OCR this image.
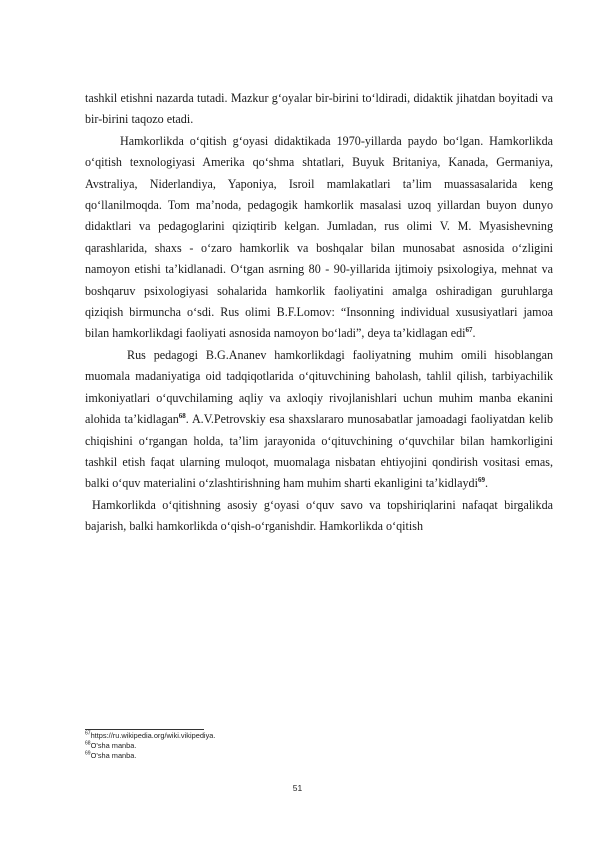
tashkil etishni nazarda tutadi. Mazkur g‘oyalar bir-birini to‘ldiradi, didaktik jihatdan boyitadi va bir-birini taqozo etadi.

Hamkorlikda o‘qitish g‘oyasi didaktikada 1970-yillarda paydo bo‘lgan. Hamkorlikda o‘qitish texnologiyasi Amerika qo‘shma shtatlari, Buyuk Britaniya, Kanada, Germaniya, Avstraliya, Niderlandiya, Yaponiya, Isroil mamlakatlari ta’lim muassasalarida keng qo‘llanilmoqda. Tom ma’noda, pedagogik hamkorlik masalasi uzoq yillardan buyon dunyo didaktlari va pedagoglarini qiziqtirib kelgan. Jumladan, rus olimi V. M. Myasishevning qarashlarida, shaxs - o‘zaro hamkorlik va boshqalar bilan munosabat asnosida o‘zligini namoyon etishi ta’kidlanadi. O‘tgan asrning 80 - 90-yillarida ijtimoiy psixologiya, mehnat va boshqaruv psixologiyasi sohalarida hamkorlik faoliyatini amalga oshiradigan guruhlarga qiziqish birmuncha o‘sdi. Rus olimi B.F.Lomov: “Insonning individual xususiyatlari jamoa bilan hamkorlikdagi faoliyati asnosida namoyon bo‘ladi”, deya ta’kidlagan edi$^{67}$.

Rus pedagogi B.G.Ananev hamkorlikdagi faoliyatning muhim omili hisoblangan muomala madaniyatiga oid tadqiqotlarida o‘qituvchining baholash, tahlil qilish, tarbiyachilik imkoniyatlari o‘quvchilaming aqliy va axloqiy rivojlanishlari uchun muhim manba ekanini alohida ta’kidlagan$^{68}$. A.V.Petrovskiy esa shaxslararo munosabatlar jamoadagi faoliyatdan kelib chiqishini o‘rgangan holda, ta’lim jarayonida o‘qituvchining o‘quvchilar bilan hamkorligini tashkil etish faqat ularning muloqot, muomalaga nisbatan ehtiyojini qondirish vositasi emas, balki o‘quv materialini o‘zlashtirishning ham muhim sharti ekanligini ta’kidlaydi$^{69}$.

Hamkorlikda o‘qitishning asosiy g‘oyasi o‘quv savo va topshiriqlarini nafaqat birgalikda bajarish, balki hamkorlikda o‘qish-o‘rganishdir. Hamkorlikda o‘qitish

$^{67}$https://ru.wikipedia.org/wiki.vikipediya.
$^{68}$O’sha manba.
$^{69}$O’sha manba.
51
